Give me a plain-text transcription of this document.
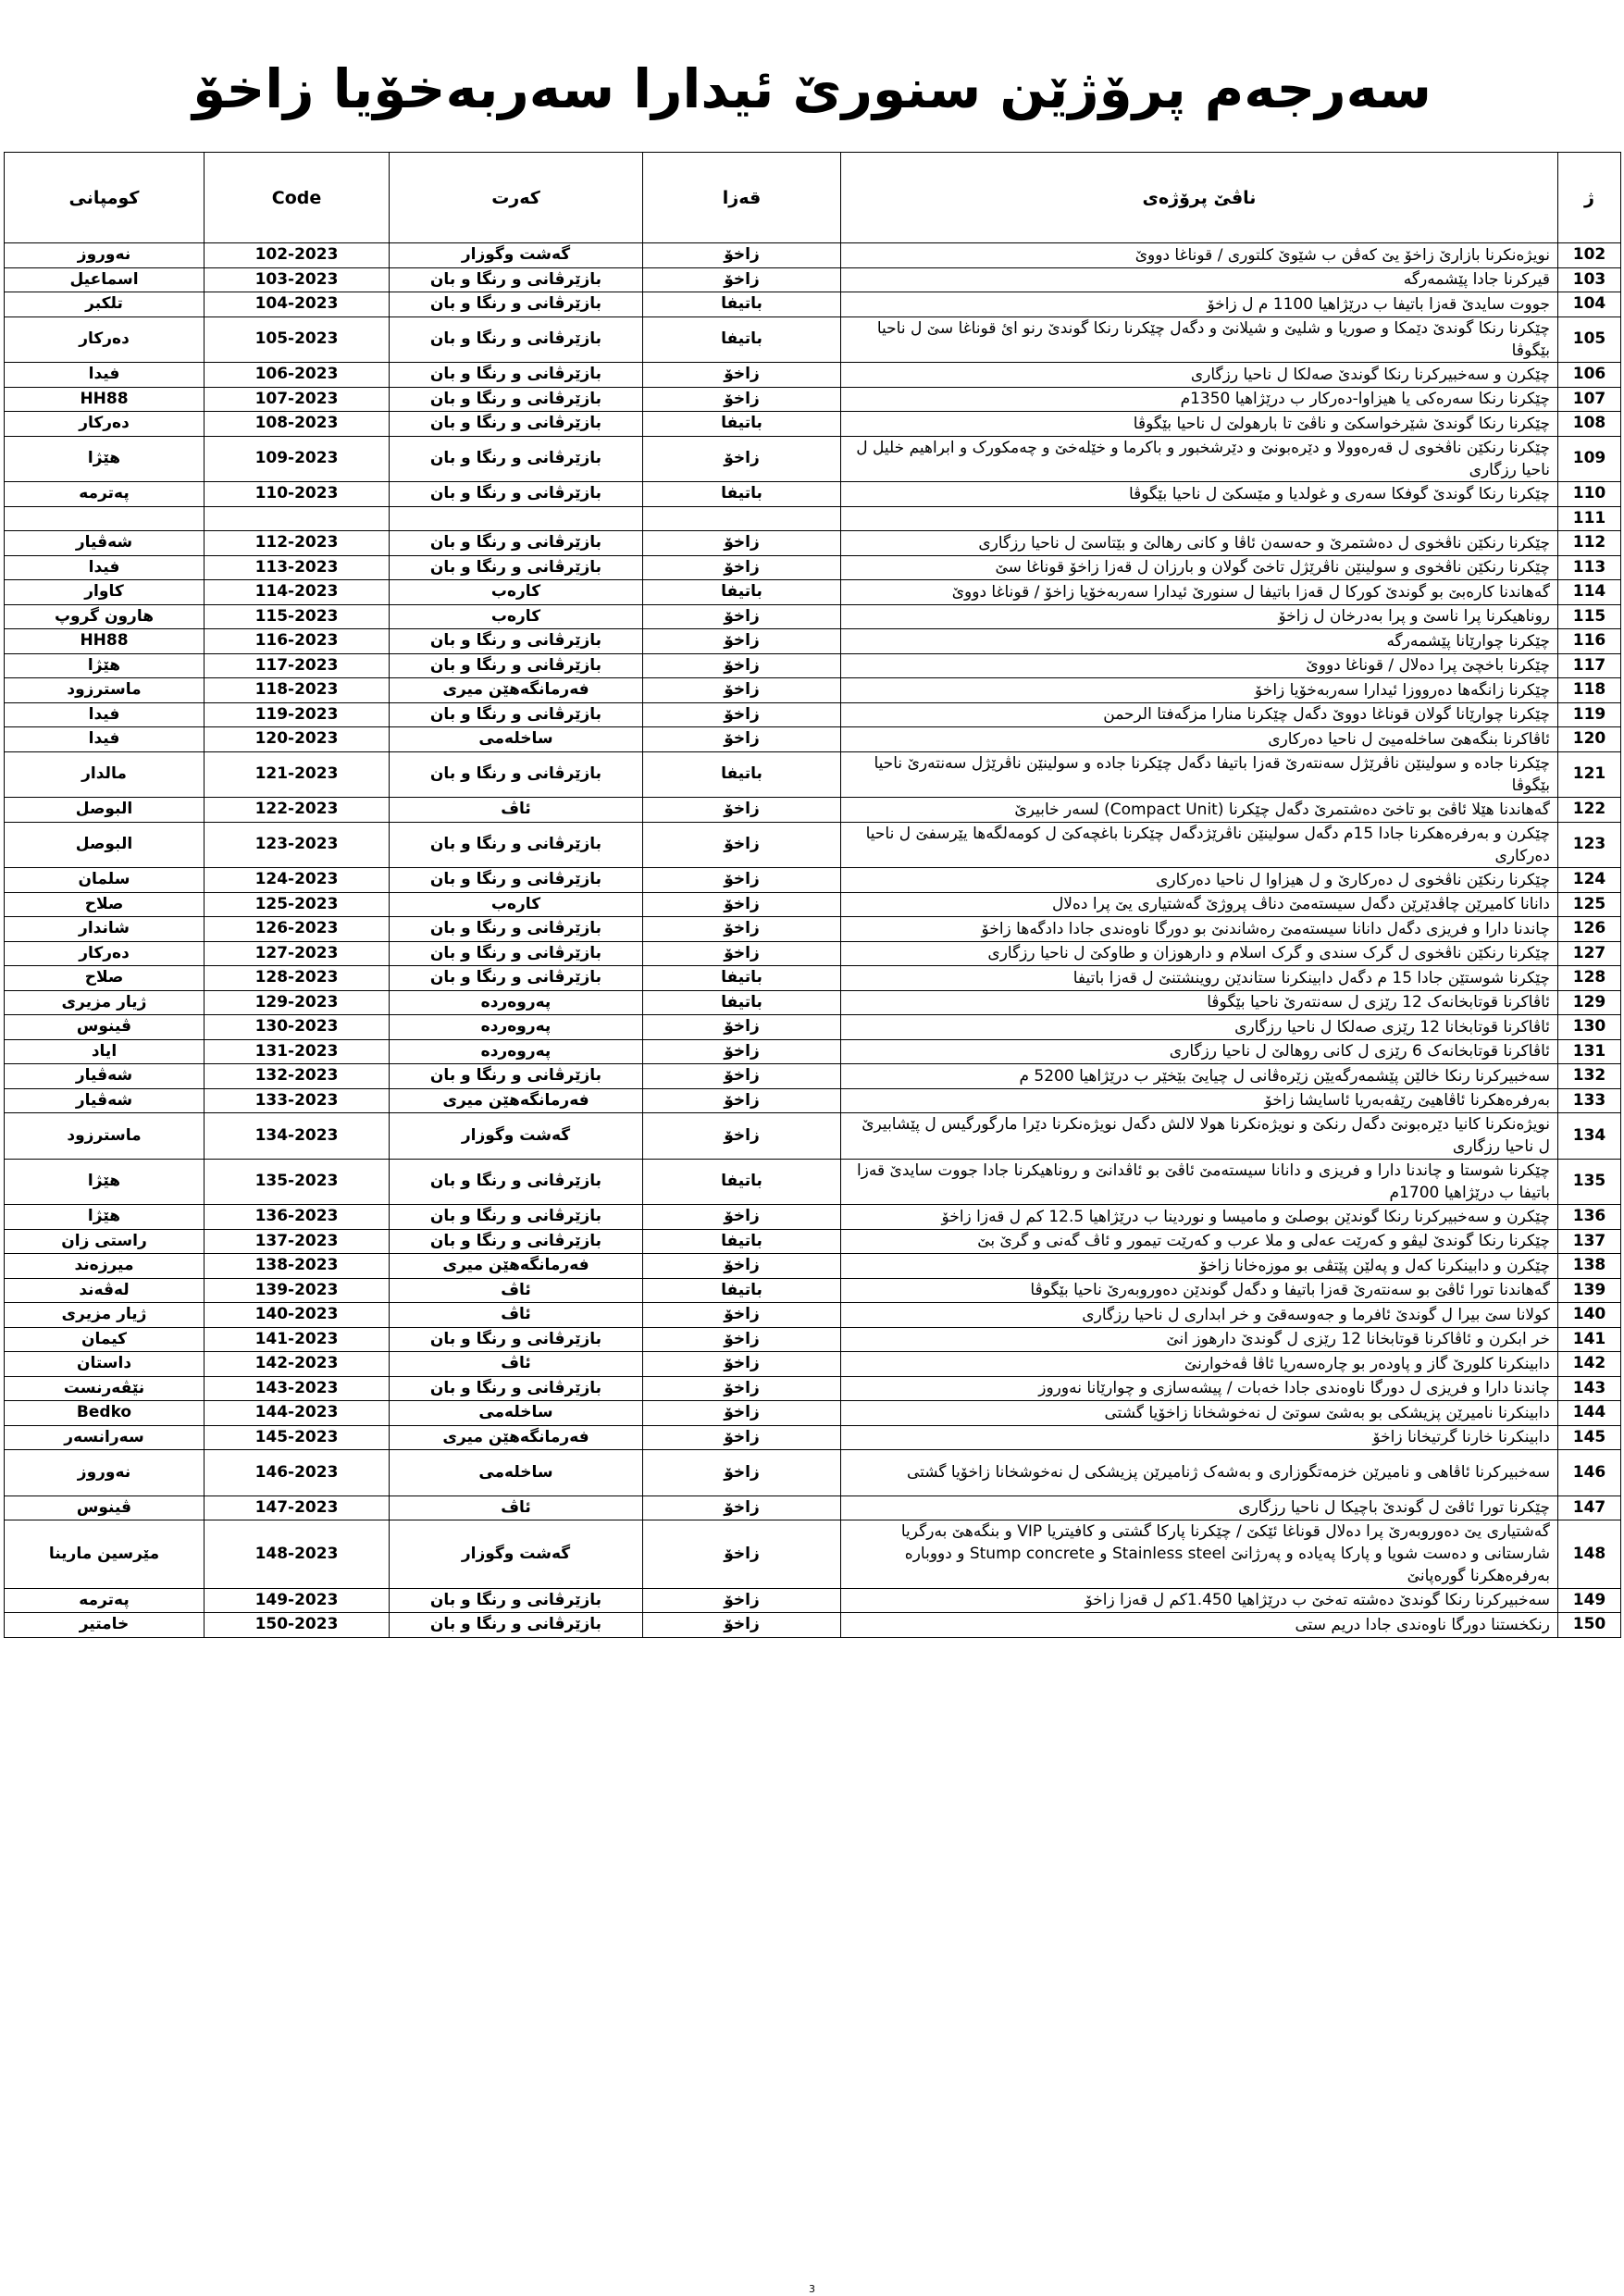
سەرجەم پرۆژێن سنورێ ئیدارا سەربەخۆیا زاخۆ
کومپانی	Code	کەرت	قەزا	ناڤێ پرۆژەی	ژ
نەوروز	102-2023	گەشت وگوزار	زاخۆ	نویژەنکرنا بازارێ زاخۆ یێ کەڤن ب شێوێ کلتوری / قوناغا دووێ	102
اسماعیل	103-2023	بازێرڤانی و رنگا و بان	زاخۆ	قیرکرنا جادا پێشمەرگە	103
تلکبر	104-2023	بازێرڤانی و رنگا و بان	باتیفا	جووت سایدێ قەزا باتیفا ب درێژاهیا 1100 م ل زاخۆ	104
دەرکار	105-2023	بازێرڤانی و رنگا و بان	باتیفا	چێکرنا رنکا گوندێ دێمکا و صوریا و شلیێ و شیلانێ و دگەل چێکرنا رنکا گوندێ رنو ائ قوناغا سێ ل ناحیا بێگوڤا	105
فیدا	106-2023	بازێرڤانی و رنگا و بان	زاخۆ	چێکرن و سەخبیرکرنا رنکا گوندێ صەلکا ل ناحیا رزگاری	106
HH88	107-2023	بازێرڤانی و رنگا و بان	زاخۆ	چێکرنا رنکا سەرەکی یا هیزاوا-دەرکار ب درێژاهیا 1350م	107
دەرکار	108-2023	بازێرڤانی و رنگا و بان	باتیفا	چێکرنا رنکا گوندێ شێرخواسکێ و ناڤێ تا بارهولێ ل ناحیا بێگوڤا	108
هێژا	109-2023	بازێرڤانی و رنگا و بان	زاخۆ	چێکرنا رنکێن ناڤخوی ل قەرەوولا و دێرەبونێ و دێرشخبور و باکرما و خێلەخێ و چەمکورک و ابراهیم خلیل ل ناحیا رزگاری	109
پەترمە	110-2023	بازێرڤانی و رنگا و بان	باتیفا	چێکرنا رنکا گوندێ گوفکا سەری و غولدیا و مێسکێ ل ناحیا بێگوڤا	110
					111
شەڤیار	112-2023	بازێرڤانی و رنگا و بان	زاخۆ	چێکرنا رنکێن ناڤخوی ل دەشتمرێ و حەسەن ئاڤا و کانی رهالێ و بێتاسێ ل ناحیا رزگاری	112
فیدا	113-2023	بازێرڤانی و رنگا و بان	زاخۆ	چێکرنا رنکێن ناڤخوی و سولینێن ناڤرێژل تاخێ گولان و بارزان ل قەزا زاخۆ قوناغا سێ	113
کاوار	114-2023	کارەب	باتیفا	گەهاندنا کارەبێ بو گوندێ کورکا ل قەزا باتیفا ل سنورێ ئیدارا سەربەخۆیا زاخۆ / قوناغا دووێ	114
هارون گروپ	115-2023	کارەب	زاخۆ	روناهیکرنا پرا ناسێ و پرا بەدرخان ل زاخۆ	115
HH88	116-2023	بازێرڤانی و رنگا و بان	زاخۆ	چێکرنا چوارێانا پێشمەرگە	116
هێژا	117-2023	بازێرڤانی و رنگا و بان	زاخۆ	چێکرنا باخچێ پرا دەلال / قوناغا دووێ	117
ماسترزود	118-2023	فەرمانگەهێن میری	زاخۆ	چێکرنا زانگەها دەرووزا ئیدارا سەربەخۆیا زاخۆ	118
فیدا	119-2023	بازێرڤانی و رنگا و بان	زاخۆ	چێکرنا چوارێانا گولان قوناغا دووێ دگەل چێکرنا منارا مزگەفتا الرحمن	119
فیدا	120-2023	ساخلەمی	زاخۆ	ئاڤاکرنا بنگەهێ ساخلەمیێ ل ناحیا دەرکاری	120
مالدار	121-2023	بازێرڤانی و رنگا و بان	باتیفا	چێکرنا جادە و سولینێن ناڤرێژل سەنتەرێ قەزا باتیفا دگەل چێکرنا جادە و سولینێن ناڤرێژل سەنتەرێ ناحیا بێگوڤا	121
البوصل	122-2023	ئاڤ	زاخۆ	گەهاندنا هێلا ئاڤێ بو تاخێ دەشتمرێ دگەل چێکرنا (Compact Unit) لسەر خابیرێ	122
البوصل	123-2023	بازێرڤانی و رنگا و بان	زاخۆ	چێکرن و بەرفرەهکرنا جادا 15م دگەل سولینێن ناڤرێژدگەل چێکرنا باغچەکێ ل کومەلگەها یێرسفێ ل ناحیا دەرکاری	123
سلمان	124-2023	بازێرڤانی و رنگا و بان	زاخۆ	چێکرنا رنکێن ناڤخوی ل دەرکارێ و ل هیزاوا ل ناحیا دەرکاری	124
صلاح	125-2023	کارەب	زاخۆ	دانانا کامیرێن چاڤدێرێن دگەل سیستەمێ دناڤ پروژێ گەشتیاری یێ پرا دەلال	125
شاندار	126-2023	بازێرڤانی و رنگا و بان	زاخۆ	چاندنا دارا و فریزی دگەل دانانا سیستەمێ رەشاندنێ بو دورگا ناوەندی جادا دادگەها زاخۆ	126
دەرکار	127-2023	بازێرڤانی و رنگا و بان	زاخۆ	چێکرنا رنکێن ناڤخوی ل گرک سندی و گرک اسلام و دارهوزان و طاوکێ ل ناحیا رزگاری	127
صلاح	128-2023	بازێرڤانی و رنگا و بان	باتیفا	چێکرنا شوستێن جادا 15 م دگەل دابینکرنا ستاندێن روینشتنێ ل قەزا باتیفا	128
ژیار مزیری	129-2023	پەروەردە	باتیفا	ئاڤاکرنا قوتابخانەک 12 رێزی ل سەنتەرێ ناحیا بێگوڤا	129
ڤینوس	130-2023	پەروەردە	زاخۆ	ئاڤاکرنا قوتابخانا 12 رێزی صەلکا ل ناحیا رزگاری	130
اياد	131-2023	پەروەردە	زاخۆ	ئاڤاکرنا قوتابخانەک 6 رێزی ل کانی روهالێ ل ناحیا رزگاری	131
شەڤیار	132-2023	بازێرڤانی و رنگا و بان	زاخۆ	سەخبیرکرنا رنکا خالێن پێشمەرگەیێن زێرەڤانی ل چیایێ بێخێر ب درێژاهیا 5200 م	132
شەڤیار	133-2023	فەرمانگەهێن میری	زاخۆ	بەرفرەهکرنا ئاڤاهیێ رێڤەبەریا ئاسایشا زاخۆ	133
ماسترزود	134-2023	گەشت وگوزار	زاخۆ	نویژەنکرنا کانیا دێرەبونێ دگەل رنکێ و نویژەنکرنا هولا لالش دگەل نویژەنکرنا دێرا مارگورگیس ل پێشابیرێ ل ناحیا رزگاری	134
هێژا	135-2023	بازێرڤانی و رنگا و بان	باتیفا	چێکرنا شوستا و چاندنا دارا و فریزی و دانانا سیستەمێ ئاڤێ بو ئاڤدانێ و روناهیکرنا جادا جووت سایدێ قەزا باتیفا ب درێژاهیا 1700م	135
هێژا	136-2023	بازێرڤانی و رنگا و بان	زاخۆ	چێکرن و سەخبیرکرنا رنکا گوندێن بوصلێ و مامیسا و نوردینا ب درێژاهیا 12.5 کم ل قەزا زاخۆ	136
راستی زان	137-2023	بازێرڤانی و رنگا و بان	باتیفا	چێکرنا رنکا گوندێ لیڤو و کەرێت عەلی و ملا عرب و کەرێت تیمور و ئاڤ گەنی و گرێ بێ	137
میرزەند	138-2023	فەرمانگەهێن میری	زاخۆ	چێکرن و دابینکرنا کەل و پەلێن پێتڤی بو موزەخانا زاخۆ	138
لەڤەند	139-2023	ئاڤ	باتیفا	گەهاندنا تورا ئاڤێ بو سەنتەرێ قەزا باتیفا و دگەل گوندێن دەوروبەرێ ناحیا بێگوڤا	139
ژیار مزیری	140-2023	ئاڤ	زاخۆ	کولانا سێ بیرا ل گوندێ ئافرما و جەوسەقێ و خر ابداری ل ناحیا رزگاری	140
کیمان	141-2023	بازێرڤانی و رنگا و بان	زاخۆ	خر ابکرن و ئاڤاکرنا قوتابخانا 12 رێزی ل گوندێ دارهوز انێ	141
داستان	142-2023	ئاڤ	زاخۆ	دابینکرنا کلورێ گاز و پاودەر بو چارەسەریا ئاڤا ڤەخوارنێ	142
نێڤەرنست	143-2023	بازێرڤانی و رنگا و بان	زاخۆ	چاندنا دارا و فریزی ل دورگا ناوەندی جادا خەبات / پیشەسازی و چوارێانا نەوروز	143
Bedko	144-2023	ساخلەمی	زاخۆ	دابینکرنا نامیرێن پزیشکی بو بەشێ سوتێ ل نەخوشخانا زاخۆیا گشتی	144
سەرانسەر	145-2023	فەرمانگەهێن میری	زاخۆ	دابینکرنا خارنا گرتیخانا زاخۆ	145
نەوروز	146-2023	ساخلەمی	زاخۆ	سەخبیرکرنا ئاڤاهی و نامیرێن خزمەتگوزاری و بەشەک ژنامیرێن پزیشکی ل نەخوشخانا زاخۆیا گشتی	146
ڤینوس	147-2023	ئاڤ	زاخۆ	چێکرنا تورا ئاڤێ ل گوندێ باچیکا ل ناحیا رزگاری	147
مێرسین مارینا	148-2023	گەشت وگوزار	زاخۆ	گەشتیاری یێ دەوروبەرێ پرا دەلال قوناغا ئێکێ / چێکرنا پارکا گشتی و کافیتریا VIP و بنگەهێ بەرگریا شارستانی و دەست شویا و پارکا پەیادە و پەرژانێ Stainless steel و Stump concrete و دووبارە بەرفرەهکرنا گورەپانێ	148
پەترمە	149-2023	بازێرڤانی و رنگا و بان	زاخۆ	سەخبیرکرنا رنکا گوندێ دەشتە تەخێ ب درێژاهیا 1.450کم ل قەزا زاخۆ	149
خامتیر	150-2023	بازێرڤانی و رنگا و بان	زاخۆ	رنکخستنا دورگا ناوەندی جادا دریم ستی	150
3
